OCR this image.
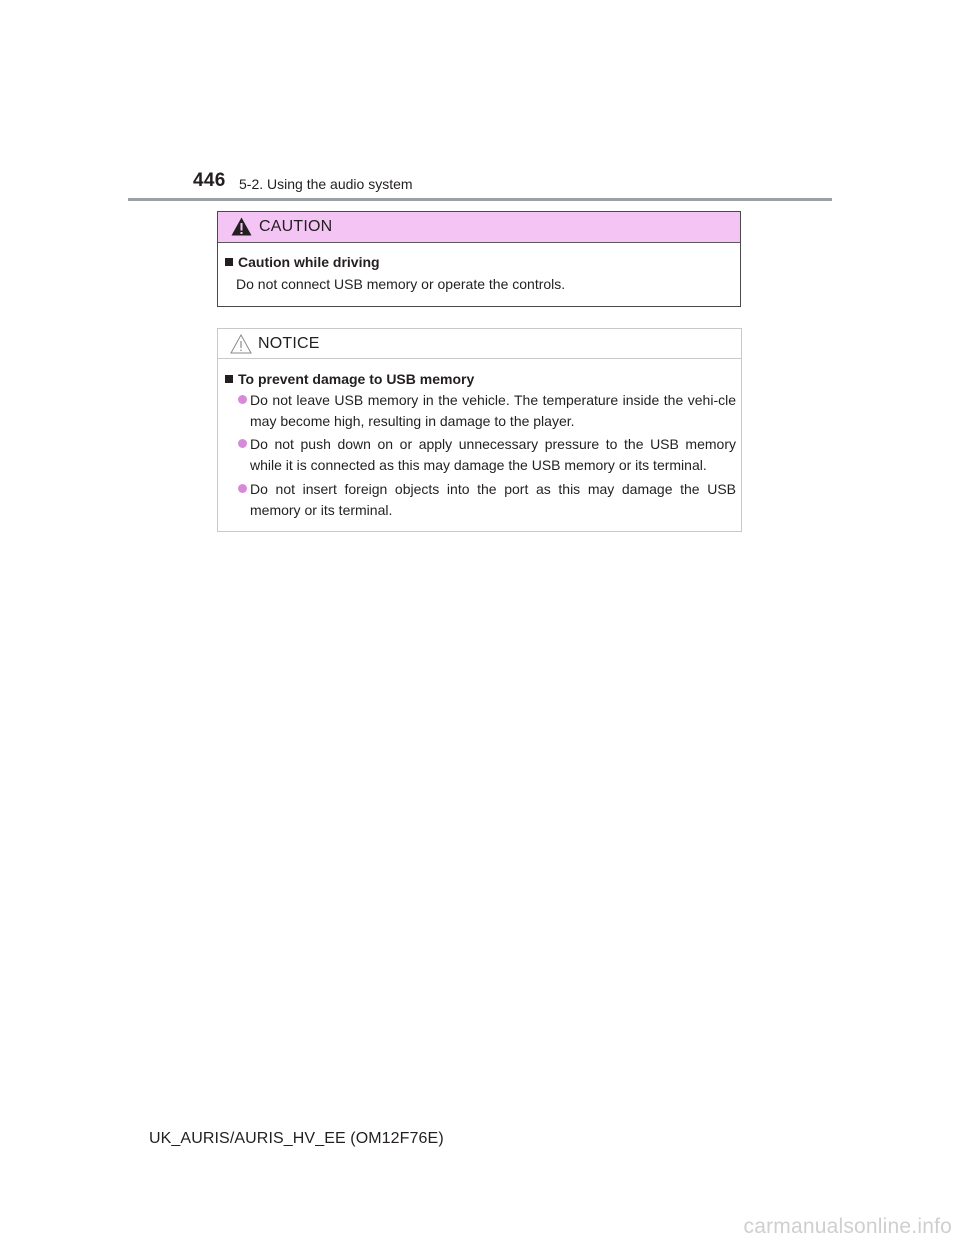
446 5-2. Using the audio system
CAUTION
Caution while driving
Do not connect USB memory or operate the controls.
NOTICE
To prevent damage to USB memory
Do not leave USB memory in the vehicle. The temperature inside the vehi-cle may become high, resulting in damage to the player.
Do not push down on or apply unnecessary pressure to the USB memory while it is connected as this may damage the USB memory or its terminal.
Do not insert foreign objects into the port as this may damage the USB memory or its terminal.
UK_AURIS/AURIS_HV_EE (OM12F76E)
carmanualsonline.info
